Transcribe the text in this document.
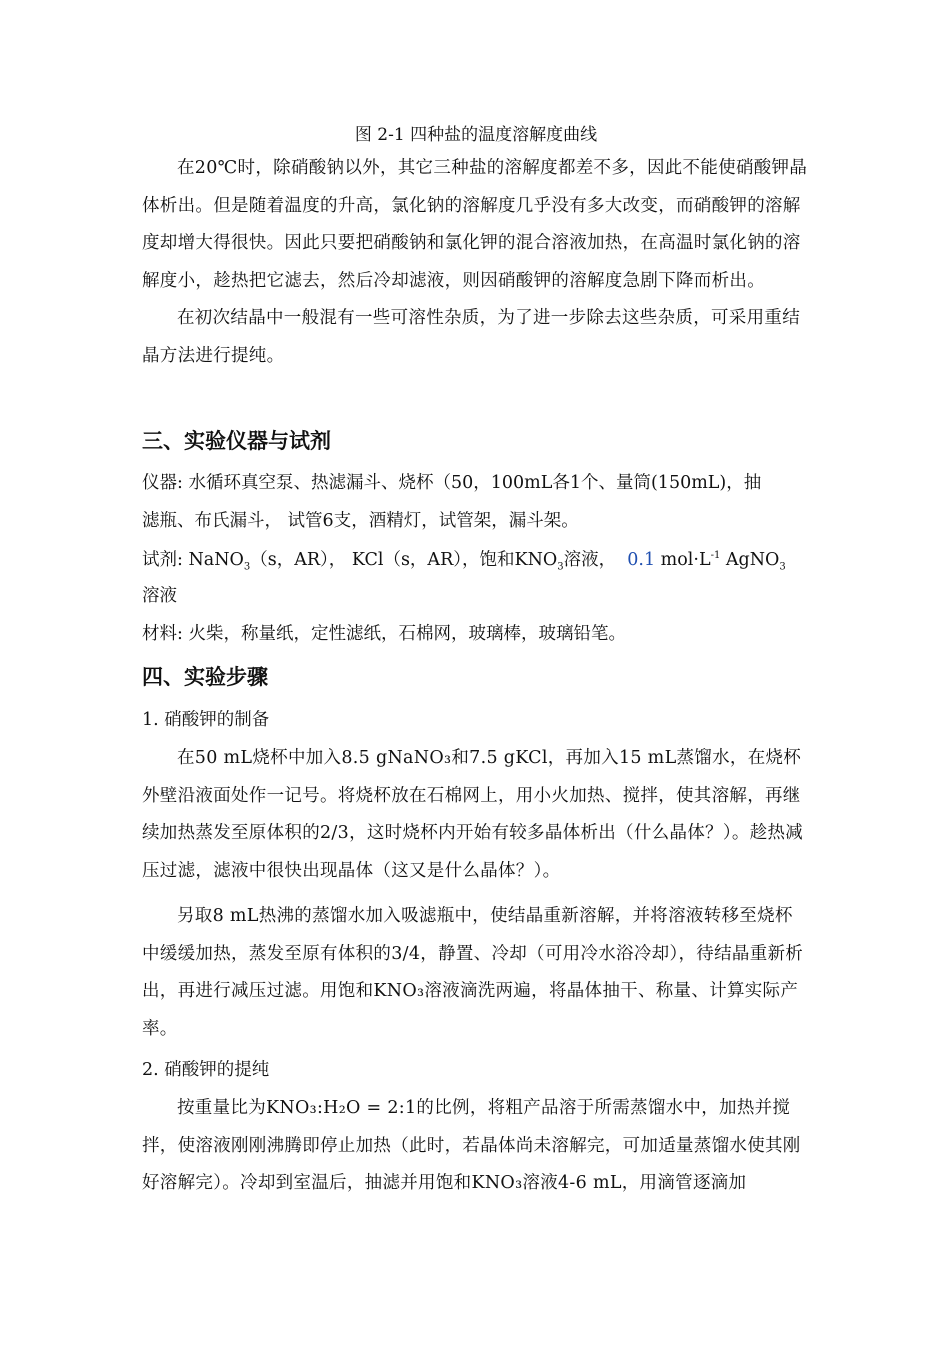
图 2-1 四种盐的温度溶解度曲线

在20℃时，除硝酸钠以外，其它三种盐的溶解度都差不多，因此不能使硝酸钾晶体析出。但是随着温度的升高，氯化钠的溶解度几乎没有多大改变，而硝酸钾的溶解度却增大得很快。因此只要把硝酸钠和氯化钾的混合溶液加热，在高温时氯化钠的溶解度小，趁热把它滤去，然后冷却滤液，则因硝酸钾的溶解度急剧下降而析出。

在初次结晶中一般混有一些可溶性杂质，为了进一步除去这些杂质，可采用重结晶方法进行提纯。

三、实验仪器与试剂
仪器: 水循环真空泵、热滤漏斗、烧杯（50，100mL各1个、量筒(150mL)，抽
滤瓶、布氏漏斗， 试管6支，酒精灯，试管架，漏斗架。
试剂: NaNO$_3$（s，AR）， KCl（s，AR），饱和$KNO_3$溶液， 0.1 $mol\cdot L^{-1}$ AgNO$_3$
溶液
材料: 火柴，称量纸，定性滤纸，石棉网，玻璃棒，玻璃铅笔。
四、实验步骤
1. 硝酸钾的制备

在50 mL烧杯中加入8.5 gNaNO₃和7.5 gKCl，再加入15 mL蒸馏水，在烧杯外壁沿液面处作一记号。将烧杯放在石棉网上，用小火加热、搅拌，使其溶解，再继续加热蒸发至原体积的2/3，这时烧杯内开始有较多晶体析出（什么晶体？）。趁热减压过滤，滤液中很快出现晶体（这又是什么晶体？）。

另取8 mL热沸的蒸馏水加入吸滤瓶中，使结晶重新溶解，并将溶液转移至烧杯中缓缓加热，蒸发至原有体积的3/4，静置、冷却（可用冷水浴冷却），待结晶重新析出，再进行减压过滤。用饱和KNO₃溶液滴洗两遍，将晶体抽干、称量、计算实际产率。

2. 硝酸钾的提纯

按重量比为KNO₃:H₂O = 2:1的比例，将粗产品溶于所需蒸馏水中，加热并搅拌，使溶液刚刚沸腾即停止加热（此时，若晶体尚未溶解完，可加适量蒸馏水使其刚好溶解完）。冷却到室温后，抽滤并用饱和KNO₃溶液4-6 mL，用滴管逐滴加
